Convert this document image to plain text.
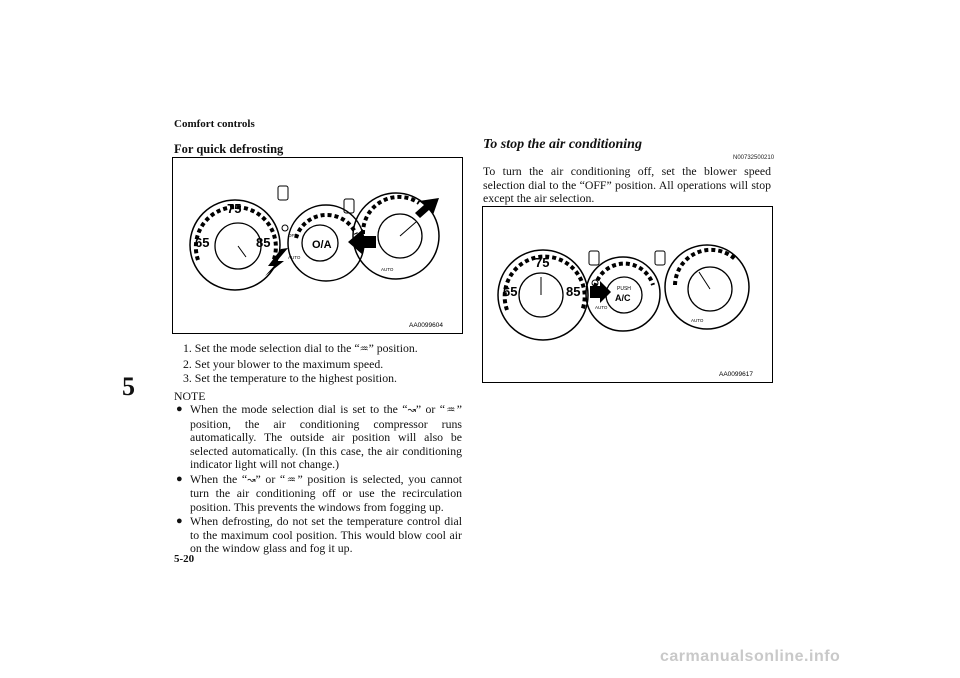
Comfort controls
5
For quick defrosting
75
65	85	O/A
OFF
AUTO
AUTO
AA0099604
1. Set the mode selection dial to the “♒” position.
2. Set your blower to the maximum speed.
3. Set the temperature to the highest position.
NOTE
● When the mode selection dial is set to the “↝” or “♒” position, the air conditioning compressor runs automatically. The outside air position will also be selected automatically. (In this case, the air conditioning indicator light will not change.)
● When the “↝” or “♒” position is selected, you cannot turn the air conditioning off or use the recirculation position. This prevents the windows from fogging up.
● When defrosting, do not set the temperature control dial to the maximum cool position. This would blow cool air on the window glass and fog it up.
5-20
To stop the air conditioning
N00732500210
To turn the air conditioning off, set the blower speed selection dial to the “OFF” position. All operations will stop except the air selection.
75
65	85	PUSH
A/C
OFF
AUTO
AUTO
AA0099617
carmanualsonline.info
